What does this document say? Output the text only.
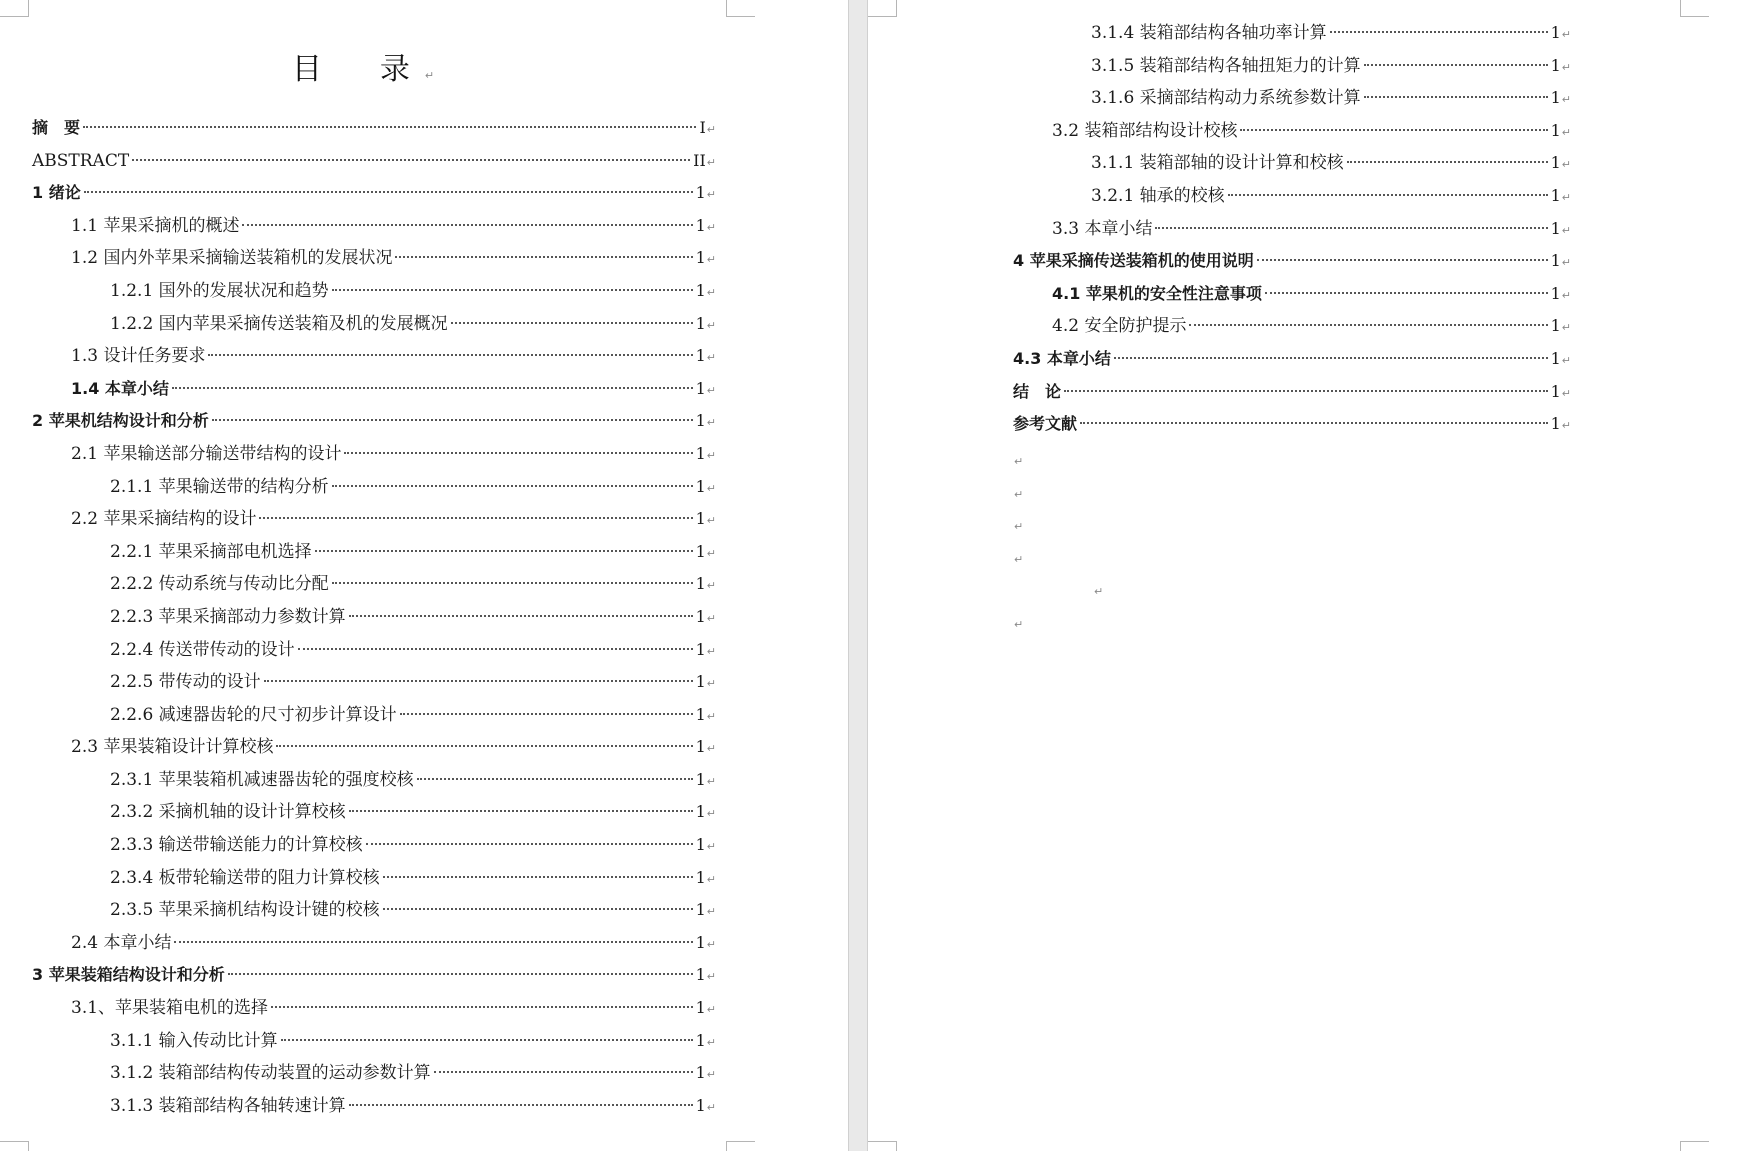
目　录↵
摘　要	I ↵
ABSTRACT	II ↵
1 绪论	1 ↵
1.1 苹果采摘机的概述	1 ↵
1.2 国内外苹果采摘输送装箱机的发展状况	1 ↵
1.2.1 国外的发展状况和趋势	1 ↵
1.2.2 国内苹果采摘传送装箱及机的发展概况	1 ↵
1.3 设计任务要求	1 ↵
1.4 本章小结	1 ↵
2 苹果机结构设计和分析	1 ↵
2.1 苹果输送部分输送带结构的设计	1 ↵
2.1.1 苹果输送带的结构分析	1 ↵
2.2 苹果采摘结构的设计	1 ↵
2.2.1 苹果采摘部电机选择	1 ↵
2.2.2 传动系统与传动比分配	1 ↵
2.2.3 苹果采摘部动力参数计算	1 ↵
2.2.4 传送带传动的设计	1 ↵
2.2.5 带传动的设计	1 ↵
2.2.6 减速器齿轮的尺寸初步计算设计	1 ↵
2.3 苹果装箱设计计算校核	1 ↵
2.3.1 苹果装箱机减速器齿轮的强度校核	1 ↵
2.3.2 采摘机轴的设计计算校核	1 ↵
2.3.3 输送带输送能力的计算校核	1 ↵
2.3.4 板带轮输送带的阻力计算校核	1 ↵
2.3.5 苹果采摘机结构设计键的校核	1 ↵
2.4 本章小结	1 ↵
3 苹果装箱结构设计和分析	1 ↵
3.1、苹果装箱电机的选择	1 ↵
3.1.1 输入传动比计算	1 ↵
3.1.2 装箱部结构传动装置的运动参数计算	1 ↵
3.1.3 装箱部结构各轴转速计算	1 ↵
3.1.4 装箱部结构各轴功率计算	1 ↵
3.1.5 装箱部结构各轴扭矩力的计算	1 ↵
3.1.6 采摘部结构动力系统参数计算	1 ↵
3.2 装箱部结构设计校核	1 ↵
3.1.1 装箱部轴的设计计算和校核	1 ↵
3.2.1 轴承的校核	1 ↵
3.3 本章小结	1 ↵
4 苹果采摘传送装箱机的使用说明	1 ↵
4.1 苹果机的安全性注意事项	1 ↵
4.2 安全防护提示	1 ↵
4.3 本章小结	1 ↵
结　论	1 ↵
参考文献	1 ↵
↵
↵
↵
↵
↵
↵
